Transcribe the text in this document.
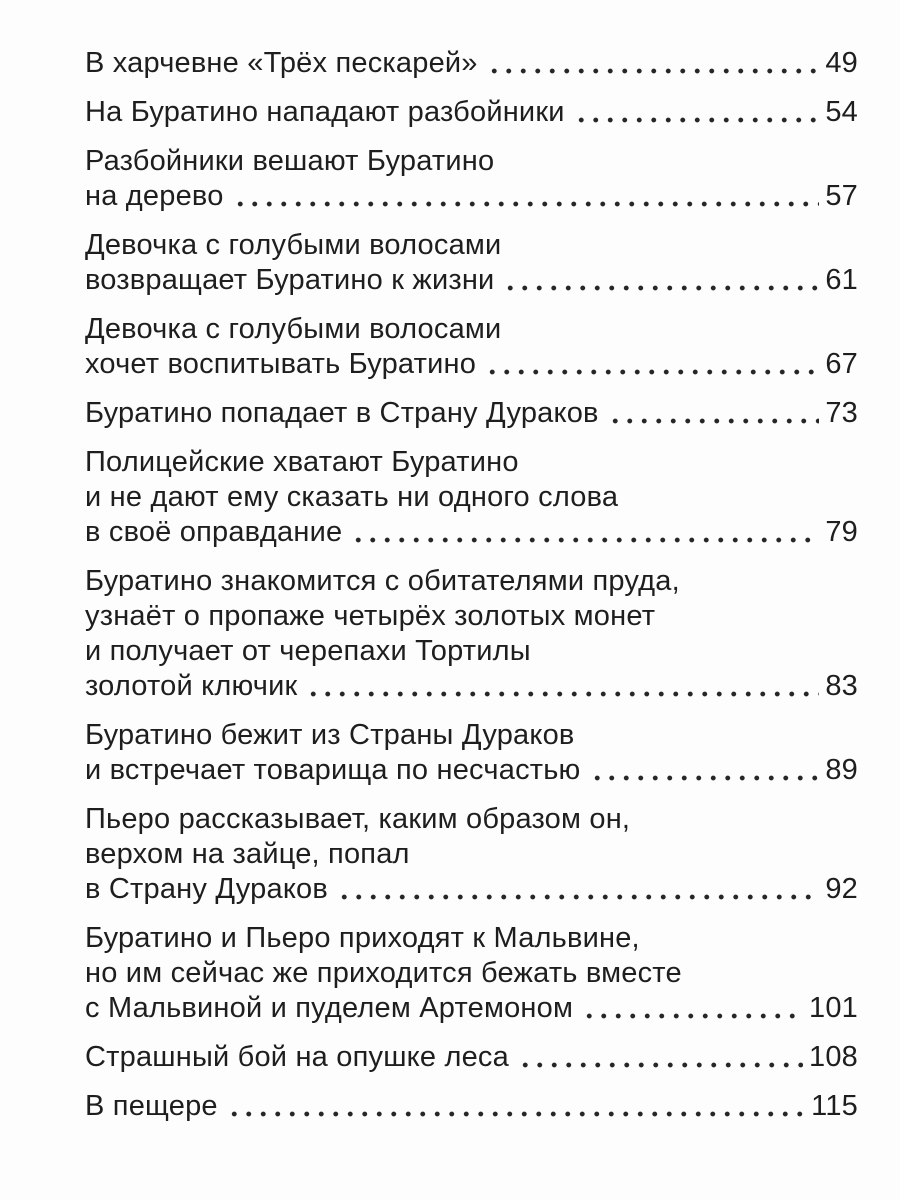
В харчевне «Трёх пескарей»	49
На Буратино нападают разбойники	54
Разбойники вешают Буратино
на дерево	57
Девочка с голубыми волосами
возвращает Буратино к жизни	61
Девочка с голубыми волосами
хочет воспитывать Буратино	67
Буратино попадает в Страну Дураков	73
Полицейские хватают Буратино
и не дают ему сказать ни одного слова
в своё оправдание	79
Буратино знакомится с обитателями пруда,
узнаёт о пропаже четырёх золотых монет
и получает от черепахи Тортилы
золотой ключик	83
Буратино бежит из Страны Дураков
и встречает товарища по несчастью	89
Пьеро рассказывает, каким образом он,
верхом на зайце, попал
в Страну Дураков	92
Буратино и Пьеро приходят к Мальвине,
но им сейчас же приходится бежать вместе
с Мальвиной и пуделем Артемоном	101
Страшный бой на опушке леса	108
В пещере	115
